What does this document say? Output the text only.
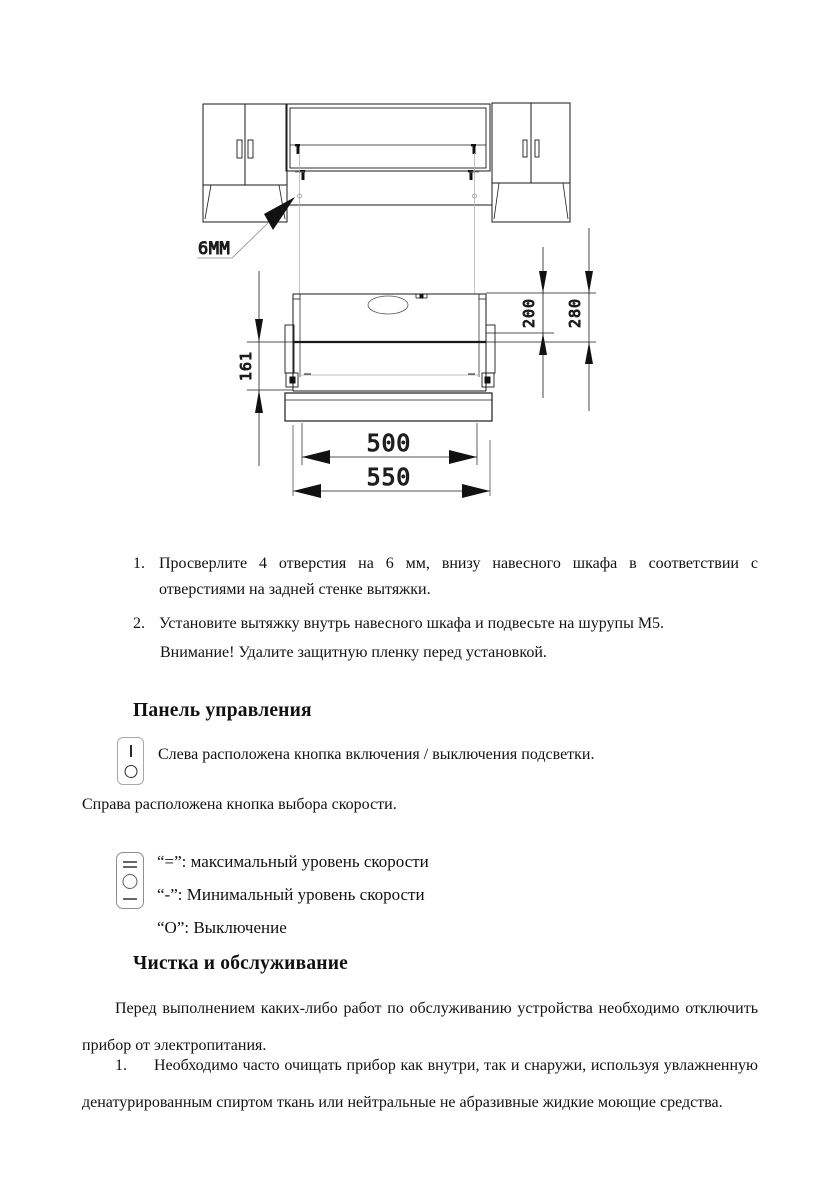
6MM
161
200 280
500
550
1. Просверлите 4 отверстия на 6 мм, внизу навесного шкафа в соответствии с отверстиями на задней стенке вытяжки.
2. Установите вытяжку внутрь навесного шкафа и подвесьте на шурупы М5.
Внимание! Удалите защитную пленку перед установкой.
Панель управления
Слева расположена кнопка включения / выключения подсветки.
Справа расположена кнопка выбора скорости.
“=”: максимальный уровень скорости
“-”: Минимальный уровень скорости
“О”: Выключение
Чистка и обслуживание
Перед выполнением каких-либо работ по обслуживанию устройства необходимо отключить прибор от электропитания.
1. Необходимо часто очищать прибор как внутри, так и снаружи, используя увлажненную денатурированным спиртом ткань или нейтральные не абразивные жидкие моющие средства.
